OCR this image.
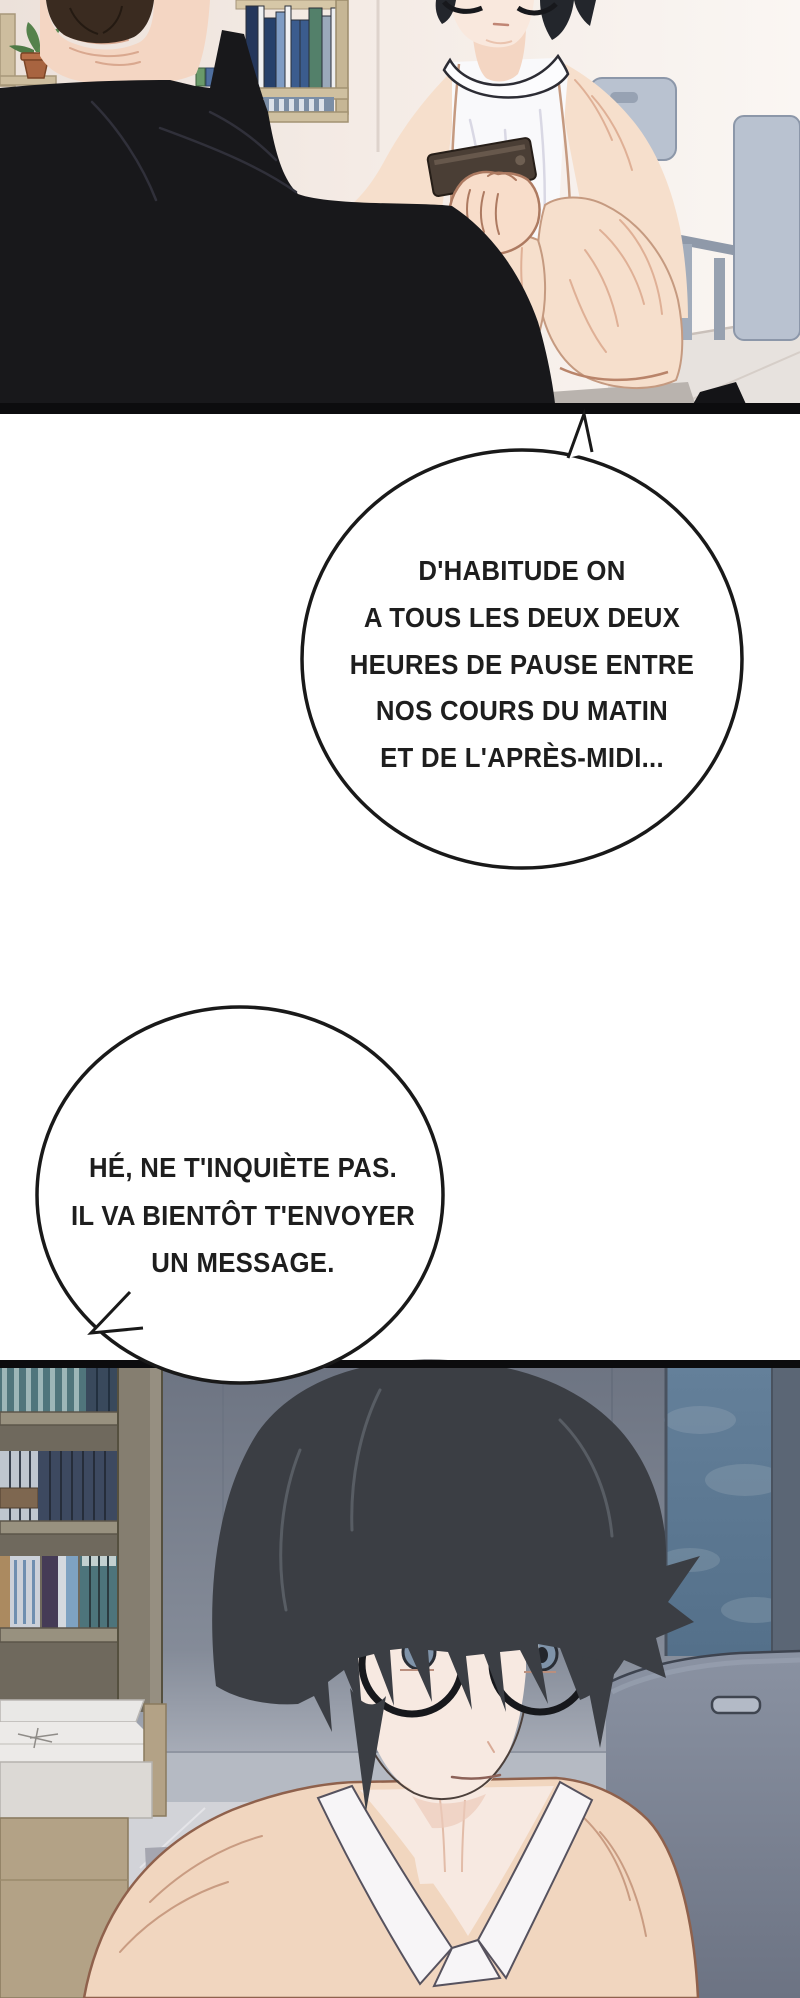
D'HABITUDE ON
A TOUS LES DEUX DEUX
HEURES DE PAUSE ENTRE
NOS COURS DU MATIN
ET DE L'APRÈS-MIDI...
HÉ, NE T'INQUIÈTE PAS.
IL VA BIENTÔT T'ENVOYER
UN MESSAGE.
